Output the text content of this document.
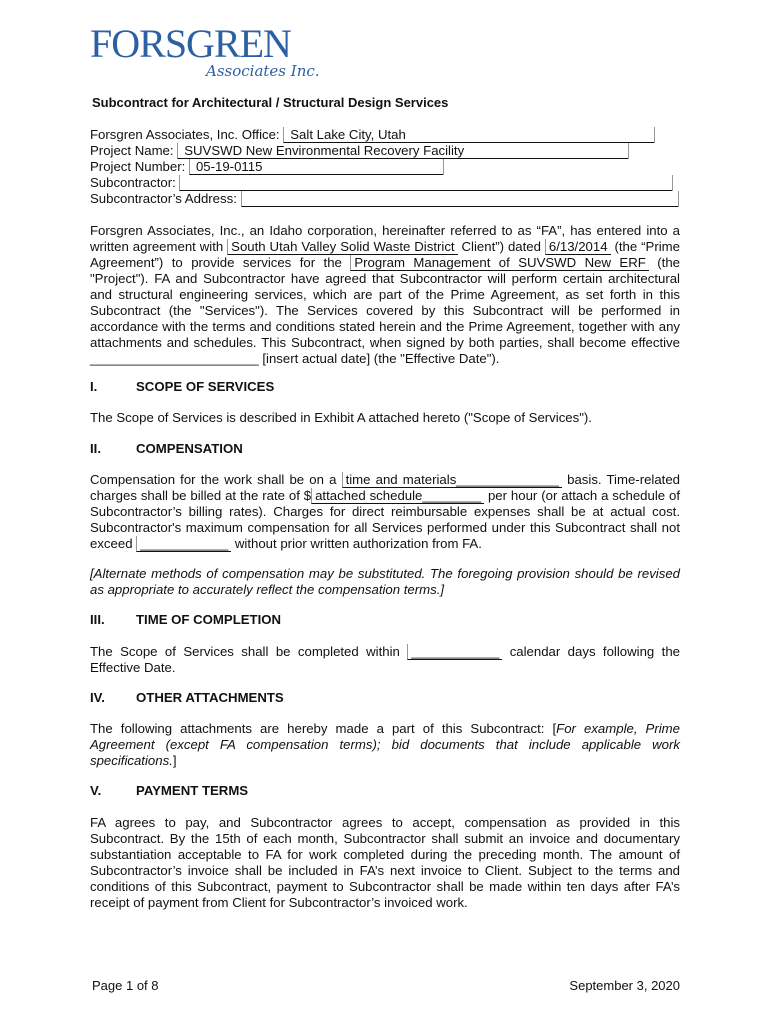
FORSGREN
Associates Inc.
Subcontract for Architectural / Structural Design Services
Forsgren Associates, Inc. Office: Salt Lake City, Utah
Project Name: SUVSWD New Environmental Recovery Facility
Project Number: 05-19-0115
Subcontractor:
Subcontractor’s Address:
Forsgren Associates, Inc., an Idaho corporation, hereinafter referred to as “FA”, has entered into a written agreement with South Utah Valley Solid Waste District Client”) dated 6/13/2014 (the “Prime Agreement”) to provide services for the Program Management of SUVSWD New ERF (the "Project"). FA and Subcontractor have agreed that Subcontractor will perform certain architectural and structural engineering services, which are part of the Prime Agreement, as set forth in this Subcontract (the "Services"). The Services covered by this Subcontract will be performed in accordance with the terms and conditions stated herein and the Prime Agreement, together with any attachments and schedules. This Subcontract, when signed by both parties, shall become effective _______________________ [insert actual date] (the "Effective Date").
I.	SCOPE OF SERVICES
The Scope of Services is described in Exhibit A attached hereto ("Scope of Services").
II.	COMPENSATION
Compensation for the work shall be on a time and materials______________ basis. Time-related charges shall be billed at the rate of $ attached schedule________ per hour (or attach a schedule of Subcontractor’s billing rates). Charges for direct reimbursable expenses shall be at actual cost. Subcontractor's maximum compensation for all Services performed under this Subcontract shall not exceed ____________ without prior written authorization from FA.
[Alternate methods of compensation may be substituted. The foregoing provision should be revised as appropriate to accurately reflect the compensation terms.]
III. TIME OF COMPLETION
The Scope of Services shall be completed within ____________ calendar days following the Effective Date.
IV. OTHER ATTACHMENTS
The following attachments are hereby made a part of this Subcontract: [For example, Prime Agreement (except FA compensation terms); bid documents that include applicable work specifications.]
V.	PAYMENT TERMS
FA agrees to pay, and Subcontractor agrees to accept, compensation as provided in this Subcontract. By the 15th of each month, Subcontractor shall submit an invoice and documentary substantiation acceptable to FA for work completed during the preceding month. The amount of Subcontractor’s invoice shall be included in FA’s next invoice to Client. Subject to the terms and conditions of this Subcontract, payment to Subcontractor shall be made within ten days after FA’s receipt of payment from Client for Subcontractor’s invoiced work.
Page 1 of 8	September 3, 2020
